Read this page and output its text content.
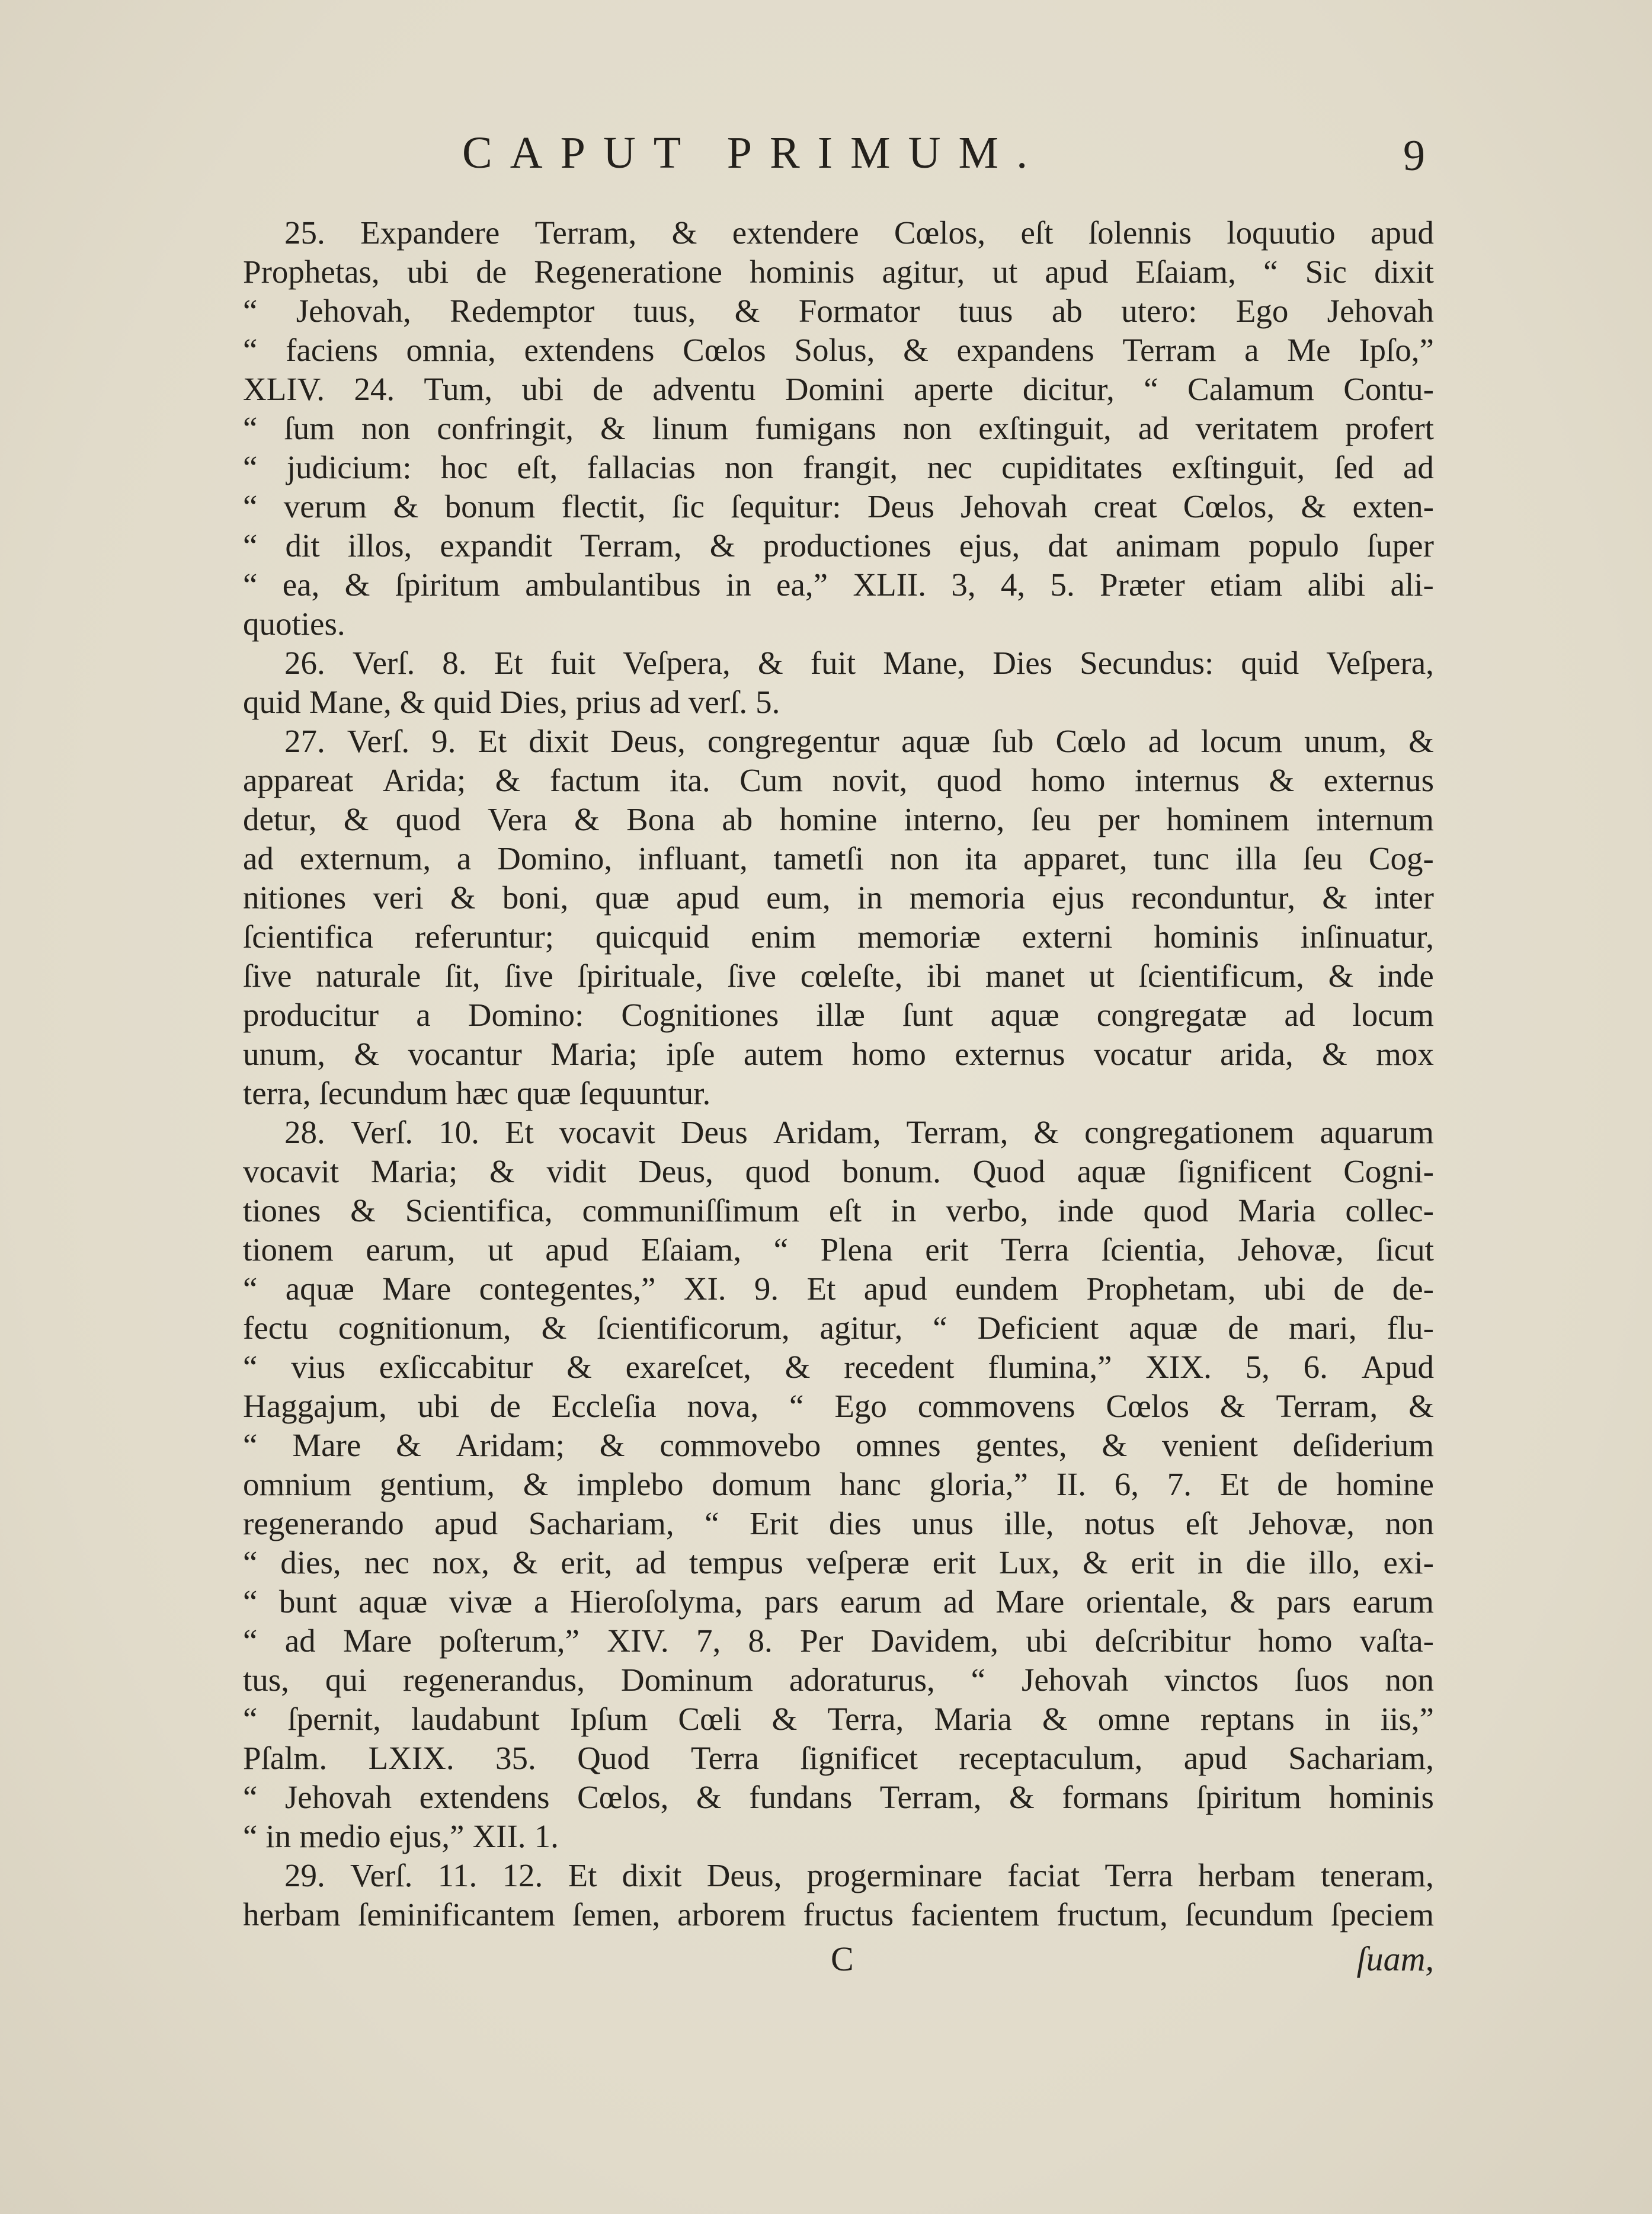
CAPUT PRIMUM.	9
25. Expandere Terram, & extendere Cœlos, eſt ſolennis loquutio apud
Prophetas, ubi de Regeneratione hominis agitur, ut apud Eſaiam, “ Sic dixit
“ Jehovah, Redemptor tuus, & Formator tuus ab utero: Ego Jehovah
“ faciens omnia, extendens Cœlos Solus, & expandens Terram a Me Ipſo,”
XLIV. 24. Tum, ubi de adventu Domini aperte dicitur, “ Calamum Contu-
“ ſum non confringit, & linum fumigans non exſtinguit, ad veritatem profert
“ judicium: hoc eſt, fallacias non frangit, nec cupiditates exſtinguit, ſed ad
“ verum & bonum flectit, ſic ſequitur: Deus Jehovah creat Cœlos, & exten-
“ dit illos, expandit Terram, & productiones ejus, dat animam populo ſuper
“ ea, & ſpiritum ambulantibus in ea,” XLII. 3, 4, 5. Præter etiam alibi ali-
quoties.
26. Verſ. 8. Et fuit Veſpera, & fuit Mane, Dies Secundus: quid Veſpera,
quid Mane, & quid Dies, prius ad verſ. 5.
27. Verſ. 9. Et dixit Deus, congregentur aquæ ſub Cœlo ad locum unum, &
appareat Arida; & factum ita. Cum novit, quod homo internus & externus
detur, & quod Vera & Bona ab homine interno, ſeu per hominem internum
ad externum, a Domino, influant, tametſi non ita apparet, tunc illa ſeu Cog-
nitiones veri & boni, quæ apud eum, in memoria ejus reconduntur, & inter
ſcientifica referuntur; quicquid enim memoriæ externi hominis inſinuatur,
ſive naturale ſit, ſive ſpirituale, ſive cœleſte, ibi manet ut ſcientificum, & inde
producitur a Domino: Cognitiones illæ ſunt aquæ congregatæ ad locum
unum, & vocantur Maria; ipſe autem homo externus vocatur arida, & mox
terra, ſecundum hæc quæ ſequuntur.
28. Verſ. 10. Et vocavit Deus Aridam, Terram, & congregationem aquarum
vocavit Maria; & vidit Deus, quod bonum. Quod aquæ ſignificent Cogni-
tiones & Scientifica, communiſſimum eſt in verbo, inde quod Maria collec-
tionem earum, ut apud Eſaiam, “ Plena erit Terra ſcientia, Jehovæ, ſicut
“ aquæ Mare contegentes,” XI. 9. Et apud eundem Prophetam, ubi de de-
fectu cognitionum, & ſcientificorum, agitur, “ Deficient aquæ de mari, flu-
“ vius exſiccabitur & exareſcet, & recedent flumina,” XIX. 5, 6. Apud
Haggajum, ubi de Eccleſia nova, “ Ego commovens Cœlos & Terram, &
“ Mare & Aridam; & commovebo omnes gentes, & venient deſiderium
omnium gentium, & implebo domum hanc gloria,” II. 6, 7. Et de homine
regenerando apud Sachariam, “ Erit dies unus ille, notus eſt Jehovæ, non
“ dies, nec nox, & erit, ad tempus veſperæ erit Lux, & erit in die illo, exi-
“ bunt aquæ vivæ a Hieroſolyma, pars earum ad Mare orientale, & pars earum
“ ad Mare poſterum,” XIV. 7, 8. Per Davidem, ubi deſcribitur homo vaſta-
tus, qui regenerandus, Dominum adoraturus, “ Jehovah vinctos ſuos non
“ ſpernit, laudabunt Ipſum Cœli & Terra, Maria & omne reptans in iis,”
Pſalm. LXIX. 35. Quod Terra ſignificet receptaculum, apud Sachariam,
“ Jehovah extendens Cœlos, & fundans Terram, & formans ſpiritum hominis
“ in medio ejus,” XII. 1.
29. Verſ. 11. 12. Et dixit Deus, progerminare faciat Terra herbam teneram,
herbam ſeminificantem ſemen, arborem fructus facientem fructum, ſecundum ſpeciem
C	ſuam,
